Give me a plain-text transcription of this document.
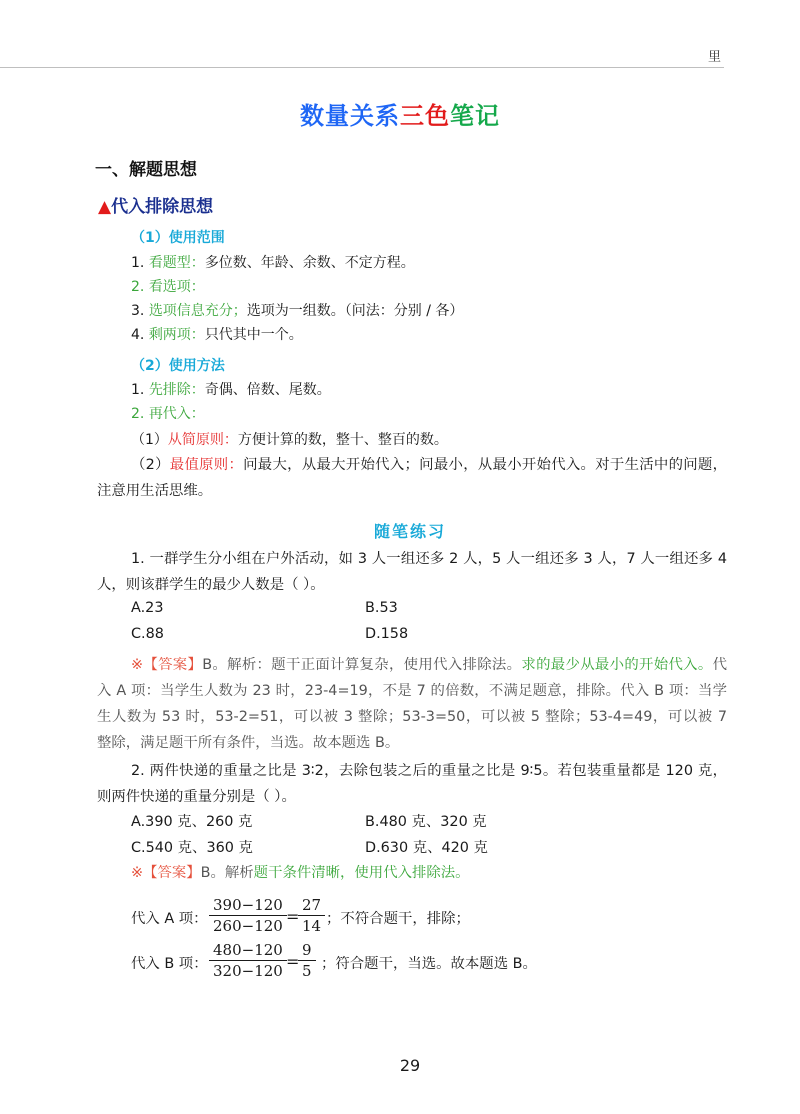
里
数量关系三色笔记
一、解题思想
▲代入排除思想
（1）使用范围
1. 看题型：多位数、年龄、余数、不定方程。
2. 看选项：
3. 选项信息充分；选项为一组数。（问法：分别 / 各）
4. 剩两项：只代其中一个。
（2）使用方法
1. 先排除：奇偶、倍数、尾数。
2. 再代入：
（1）从简原则：方便计算的数，整十、整百的数。
（2）最值原则：问最大，从最大开始代入；问最小，从最小开始代入。对于生活中的问题，注意用生活思维。
随笔练习
1. 一群学生分小组在户外活动，如 3 人一组还多 2 人，5 人一组还多 3 人，7 人一组还多 4 人，则该群学生的最少人数是（ ）。
A.23	B.53
C.88	D.158
※【答案】B。解析：题干正面计算复杂，使用代入排除法。求的最少从最小的开始代入。代入 A 项：当学生人数为 23 时，23-4=19，不是 7 的倍数，不满足题意，排除。代入 B 项：当学生人数为 53 时，53-2=51，可以被 3 整除；53-3=50，可以被 5 整除；53-4=49，可以被 7 整除，满足题干所有条件，当选。故本题选 B。
2. 两件快递的重量之比是 3∶2，去除包装之后的重量之比是 9∶5。若包装重量都是 120 克，则两件快递的重量分别是（ ）。
A.390 克、260 克	B.480 克、320 克
C.540 克、360 克	D.630 克、420 克
※【答案】B。解析题干条件清晰，使用代入排除法。
代入 A 项： $\frac{390-120}{260-120}$ =
$\frac{27}{14}$ ；不符合题干，排除；
代入 B 项： $\frac{480-120}{320-120}$ =
$\frac{9}{5}$ ；符合题干，当选。故本题选 B。
29
